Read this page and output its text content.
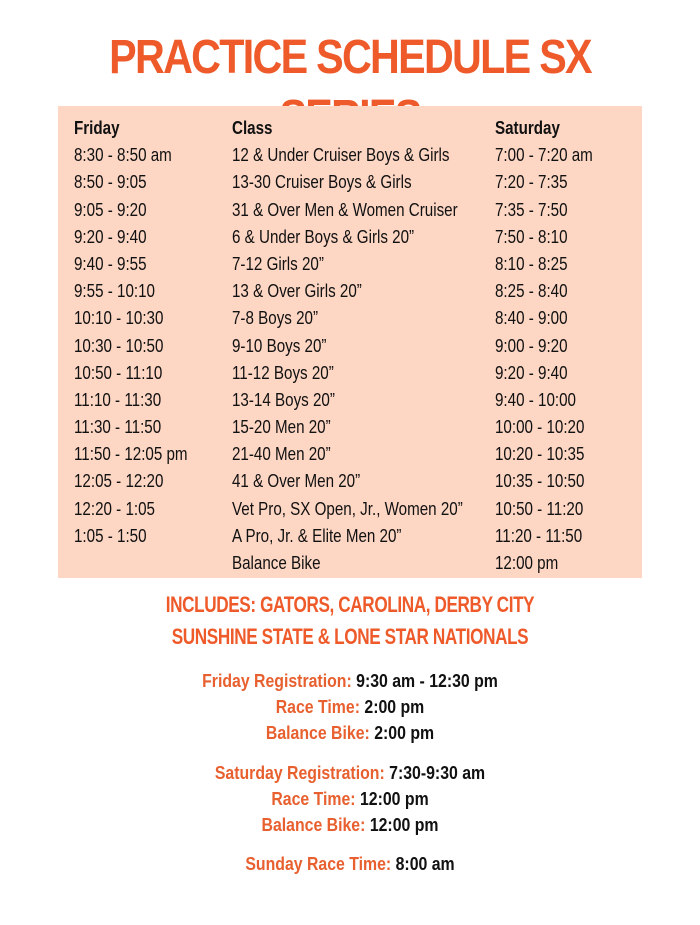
PRACTICE SCHEDULE SX
Friday
8:30 - 8:50 am
8:50 - 9:05
9:05 - 9:20
9:20 - 9:40
9:40 - 9:55
9:55 - 10:10
10:10 - 10:30
10:30 - 10:50
10:50 - 11:10
11:10 - 11:30
11:30 - 11:50
11:50 - 12:05 pm
12:05 - 12:20
12:20 - 1:05
1:05 - 1:50
Class
12 & Under Cruiser Boys & Girls
13-30 Cruiser Boys & Girls
31 & Over Men & Women Cruiser
6 & Under Boys & Girls 20”
7-12 Girls 20”
13 & Over Girls 20”
7-8 Boys 20”
9-10 Boys 20”
11-12 Boys 20”
13-14 Boys 20”
15-20 Men 20”
21-40 Men 20”
41 & Over Men 20”
Vet Pro, SX Open, Jr., Women 20”
A Pro, Jr. & Elite Men 20”
Balance Bike
Saturday
7:00 - 7:20 am
7:20 - 7:35
7:35 - 7:50
7:50 - 8:10
8:10 - 8:25
8:25 - 8:40
8:40 - 9:00
9:00 - 9:20
9:20 - 9:40
9:40 - 10:00
10:00 - 10:20
10:20 - 10:35
10:35 - 10:50
10:50 - 11:20
11:20 - 11:50
12:00 pm
INCLUDES: GATORS, CAROLINA, DERBY CITY
SUNSHINE STATE & LONE STAR NATIONALS
Friday Registration: 9:30 am - 12:30 pm
Race Time: 2:00 pm
Balance Bike: 2:00 pm
Saturday Registration: 7:30-9:30 am
Race Time: 12:00 pm
Balance Bike: 12:00 pm
Sunday Race Time: 8:00 am
